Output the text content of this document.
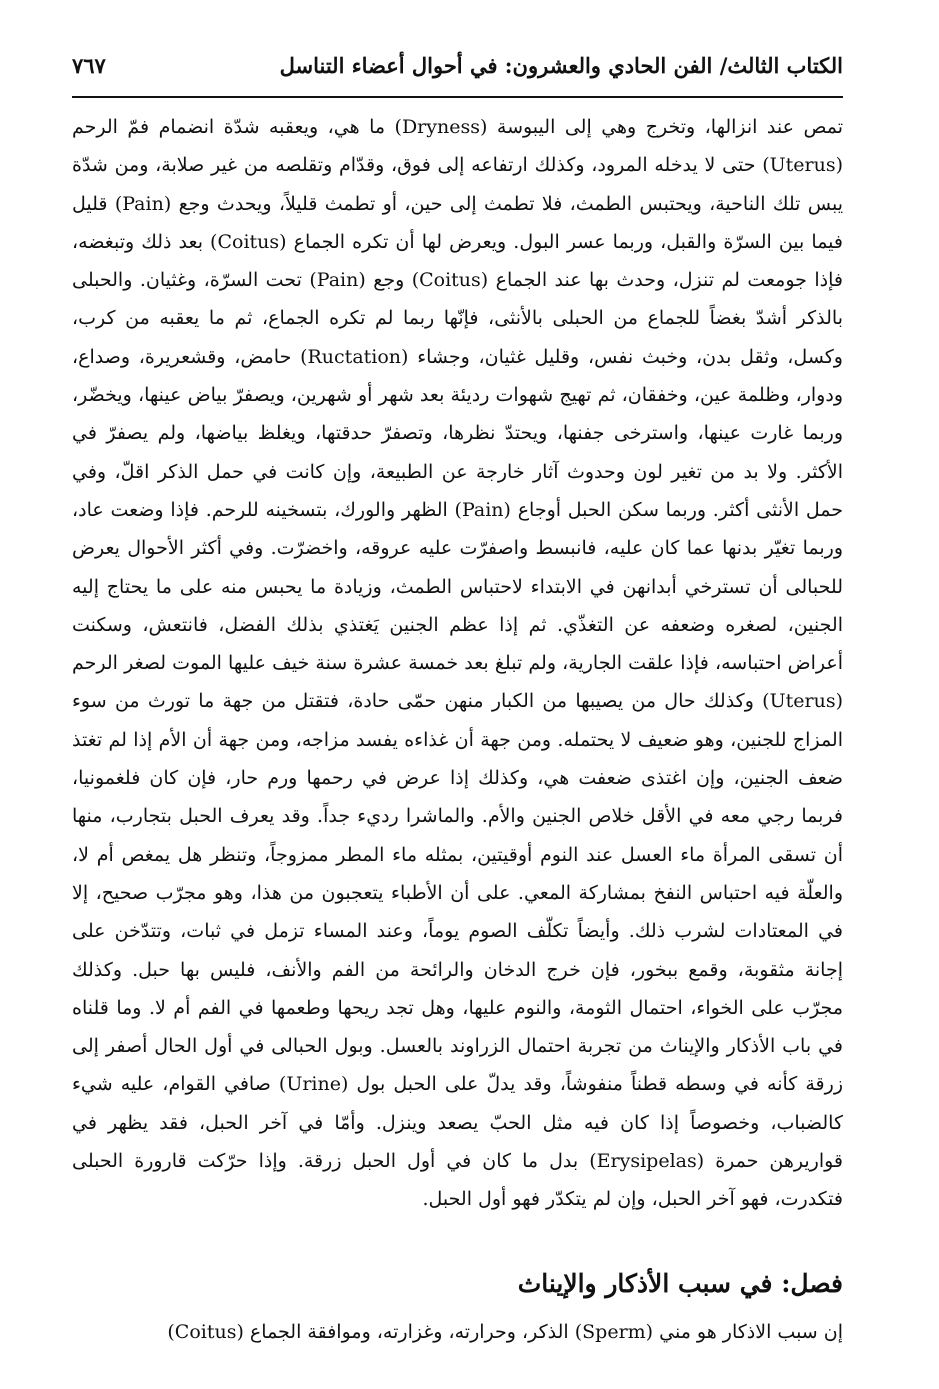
الكتاب الثالث/ الفن الحادي والعشرون: في أحوال أعضاء التناسل
٧٦٧

تمص عند انزالها، وتخرج وهي إلى اليبوسة (Dryness) ما هي، ويعقبه شدّة انضمام فمّ الرحم (Uterus) حتى لا يدخله المرود، وكذلك ارتفاعه إلى فوق، وقدّام وتقلصه من غير صلابة، ومن شدّة يبس تلك الناحية، ويحتبس الطمث، فلا تطمث إلى حين، أو تطمث قليلاً، ويحدث وجع (Pain) قليل فيما بين السرّة والقبل، وربما عسر البول. ويعرض لها أن تكره الجماع (Coitus) بعد ذلك وتبغضه، فإذا جومعت لم تنزل، وحدث بها عند الجماع (Coitus) وجع (Pain) تحت السرّة، وغثيان. والحبلى بالذكر أشدّ بغضاً للجماع من الحبلى بالأنثى، فإنّها ربما لم تكره الجماع، ثم ما يعقبه من كرب، وكسل، وثقل بدن، وخبث نفس، وقليل غثيان، وجشاء (Ructation) حامض، وقشعريرة، وصداع، ودوار، وظلمة عين، وخفقان، ثم تهيج شهوات رديئة بعد شهر أو شهرين، ويصفرّ بياض عينها، ويخضّر، وربما غارت عينها، واسترخى جفنها، ويحتدّ نظرها، وتصفرّ حدقتها، ويغلظ بياضها، ولم يصفرّ في الأكثر. ولا بد من تغير لون وحدوث آثار خارجة عن الطبيعة، وإن كانت في حمل الذكر اقلّ، وفي حمل الأنثى أكثر. وربما سكن الحبل أوجاع (Pain) الظهر والورك، بتسخينه للرحم. فإذا وضعت عاد، وربما تغيّر بدنها عما كان عليه، فانبسط واصفرّت عليه عروقه، واخضرّت. وفي أكثر الأحوال يعرض للحبالى أن تسترخي أبدانهن في الابتداء لاحتباس الطمث، وزيادة ما يحبس منه على ما يحتاج إليه الجنين، لصغره وضعفه عن التغذّي. ثم إذا عظم الجنين يَغتذي بذلك الفضل، فانتعش، وسكنت أعراض احتباسه، فإذا علقت الجارية، ولم تبلغ بعد خمسة عشرة سنة خيف عليها الموت لصغر الرحم (Uterus) وكذلك حال من يصيبها من الكبار منهن حمّى حادة، فتقتل من جهة ما تورث من سوء المزاج للجنين، وهو ضعيف لا يحتمله. ومن جهة أن غذاءه يفسد مزاجه، ومن جهة أن الأم إذا لم تغتذ ضعف الجنين، وإن اغتذى ضعفت هي، وكذلك إذا عرض في رحمها ورم حار، فإن كان فلغمونيا، فربما رجي معه في الأقل خلاص الجنين والأم. والماشرا رديء جداً. وقد يعرف الحبل بتجارب، منها أن تسقى المرأة ماء العسل عند النوم أوقيتين، بمثله ماء المطر ممزوجاً، وتنظر هل يمغص أم لا، والعلّة فيه احتباس النفخ بمشاركة المعي. على أن الأطباء يتعجبون من هذا، وهو مجرّب صحيح، إلا في المعتادات لشرب ذلك. وأيضاً تكلّف الصوم يوماً، وعند المساء تزمل في ثبات، وتتدّخن على إجانة مثقوبة، وقمع ببخور، فإن خرج الدخان والرائحة من الفم والأنف، فليس بها حبل. وكذلك مجرّب على الخواء، احتمال الثومة، والنوم عليها، وهل تجد ريحها وطعمها في الفم أم لا. وما قلناه في باب الأذكار والإيناث من تجربة احتمال الزراوند بالعسل. وبول الحبالى في أول الحال أصفر إلى زرقة كأنه في وسطه قطناً منفوشاً، وقد يدلّ على الحبل بول (Urine) صافي القوام، عليه شيء كالضباب، وخصوصاً إذا كان فيه مثل الحبّ يصعد وينزل. وأمّا في آخر الحبل، فقد يظهر في قواريرهن حمرة (Erysipelas) بدل ما كان في أول الحبل زرقة. وإذا حرّكت قارورة الحبلى فتكدرت، فهو آخر الحبل، وإن لم يتكدّر فهو أول الحبل.

فصل: في سبب الأذكار والإيناث
إن سبب الاذكار هو مني (Sperm) الذكر، وحرارته، وغزارته، وموافقة الجماع (Coitus)
